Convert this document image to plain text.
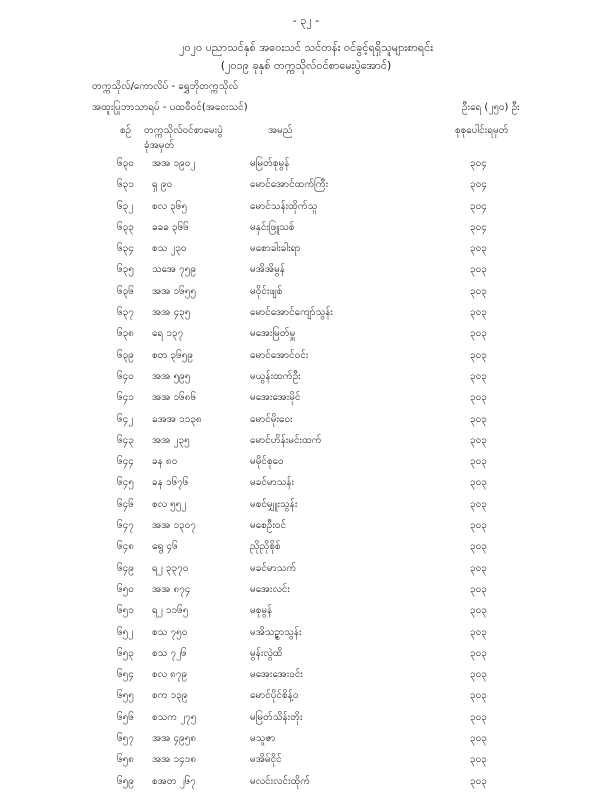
- ၃၂ -
၂၀၂၀ ပညာသင်နှစ် အဝေးသင် သင်တန်း ဝင်ခွင့်ရရှိသူများစာရင်း
(၂၀၁၉ ခုနှစ် တက္ကသိုလ်ဝင်စာမေးပွဲအောင်)
တက္ကသိုလ်/ကောလိပ် - ရွှေဘိုတက္ကသိုလ်
အထူးပြုဘာသာရပ် - ပထဝီဝင်(အဝေးသင်)	ဦးရေ (၂၅၀) ဦး
စဉ် တက္ကသိုလ်ဝင်စာမေးပွဲ
ခုံအမှတ်
အမည်	စုစုပေါင်းရမှတ်
၆၃၀ အအ ၁၉၀၂	မမြတ်စုမွန်	၃၀၄
၆၃၁ ရှ ၉၀	မောင်အောင်ထက်ကြီး	၃၀၄
၆၃၂ စလ ၃၆၅	မောင်သန်းထိုက်သူ	၃၀၄
၆၃၃ ခခခ ၃၆၆	မနှင်းဖြူသစ်	၃၀၄
၆၃၄ စသ ၂၃၀	မစောခါးခါးရာ	၃၀၃
၆၃၅ သအေ ၇၅၉	မအိအိမွန်	၃၀၃
၆၃၆ အအ ၁၆၅၅	မဝိုင်းဖျစ်	၃၀၃
၆၃၇ အအ ၄၃၅	မောင်အောင်ကျော်သွန်း	၃၀၃
၆၃၈ ရေ ၁၃၇	မအေးမြတ်မှူ	၃၀၃
၆၃၉ စတ ၃၆၅၉	မောင်အောင်ဝင်း	၃၀၃
၆၄၀ အအ ၅၉၅	မယွန်းထက်ဦး	၃၀၃
၆၄၁ အအ ၁၆၈၆	မအေးအေးမိုင်	၃၀၃
၆၄၂ ခအအ ၁၁၃၈	မောင်မိုးဝေး	၃၀၃
၆၄၃ အအ ၂၃၅	မောင်ဟိန်းမင်းထက်	၃၀၃
၆၄၄ ခန ၈၀	မမိုင်စုဝေ	၃၀၃
၆၄၅ ခန ၁၆၇၆	မခင်မာသန်း	၃၀၃
၆၄၆ စလ ၅၅၂	မစင်မျှူးသွန်း	၃၀၃
၆၄၇ အအ ၁၃၀၇	မစေဦးဝင်	၃၀၃
၆၄၈ ရွေ ၄၆	ညိုညိုစိုစ်	၃၀၃
၆၄၉ ရ၂ ၃၃၇၀	မခင်မာသက်	၃၀၃
၆၅၀ အအ ၈၇၄	မအေးလင်း	၃၀၃
၆၅၁ ရ၂ ၁၁၆၅	မစုမွန်	၃၀၃
၆၅၂ စသ ၇၅၀	မအိသဉ္ဇာသွန်း	၃၀၃
၆၅၃ စသ ၇၂၆	မွန်းလွဲထိ	၃၀၃
၆၅၄ စလ ၈၇၉	မအေးအေးဝင်း	၃၀၃
၆၅၅ စက ၁၃၉	မောင်ပိုင်စိန့်၀	၃၀၃
၆၅၆ စသက ၂၇၅	မမြတ်သိန်းတိုး	၃၀၃
၆၅၇ အအ ၄၉၅၈	မသူဇာ	၃၀၃
၆၅၈ အအ ၁၄၁၈	မအိမ်ငိုင်	၃၀၃
၆၅၉ စအတ ၂၆၇	မလင်းလင်းထိုက်	၃၀၃
